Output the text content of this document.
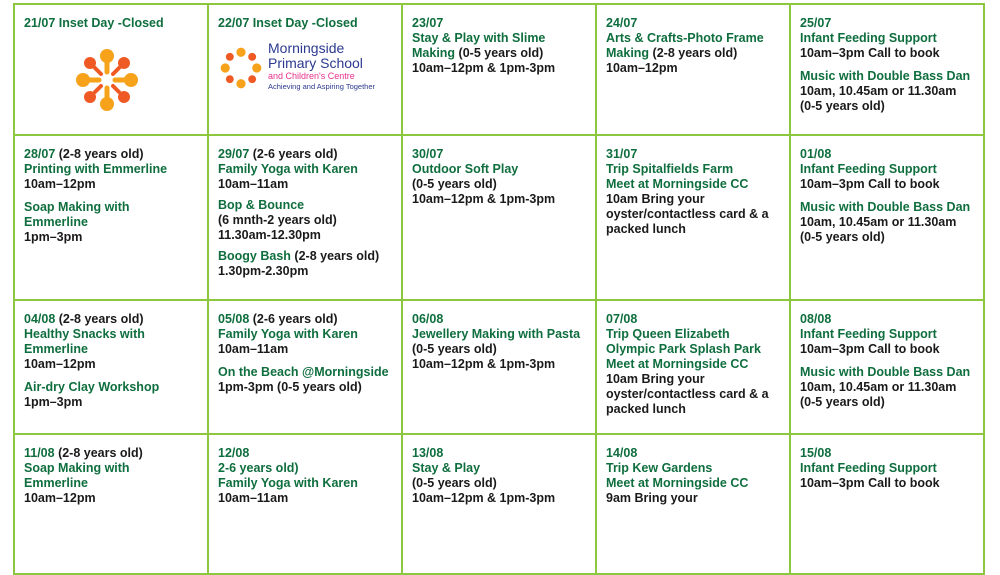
21/07 Inset Day -Closed	22/07 Inset Day -Closed
Morningside
Primary School
and Children's Centre
Achieving and Aspiring Together
23/07
Stay & Play with Slime
Making (0-5 years old)
10am–12pm & 1pm-3pm
24/07
Arts & Crafts-Photo Frame
Making (2-8 years old)
10am–12pm
25/07
Infant Feeding Support
10am–3pm Call to book
Music with Double Bass Dan
10am, 10.45am or 11.30am
(0-5 years old)
28/07 (2-8 years old)
Printing with Emmerline
10am–12pm
Soap Making with
Emmerline
1pm–3pm
29/07 (2-6 years old)
Family Yoga with Karen
10am–11am
Bop & Bounce
(6 mnth-2 years old)
11.30am-12.30pm
Boogy Bash (2-8 years old)
1.30pm-2.30pm
30/07
Outdoor Soft Play
(0-5 years old)
10am–12pm & 1pm-3pm
31/07
Trip Spitalfields Farm
Meet at Morningside CC
10am Bring your
oyster/contactless card & a
packed lunch
01/08
Infant Feeding Support
10am–3pm Call to book
Music with Double Bass Dan
10am, 10.45am or 11.30am
(0-5 years old)
04/08 (2-8 years old)
Healthy Snacks with
Emmerline
10am–12pm
Air-dry Clay Workshop
1pm–3pm
05/08 (2-6 years old)
Family Yoga with Karen
10am–11am
On the Beach @Morningside
1pm-3pm (0-5 years old)
06/08
Jewellery Making with Pasta
(0-5 years old)
10am–12pm & 1pm-3pm
07/08
Trip Queen Elizabeth
Olympic Park Splash Park
Meet at Morningside CC
10am Bring your
oyster/contactless card & a
packed lunch
08/08
Infant Feeding Support
10am–3pm Call to book
Music with Double Bass Dan
10am, 10.45am or 11.30am
(0-5 years old)
11/08 (2-8 years old)
Soap Making with
Emmerline
10am–12pm
12/08
2-6 years old)
Family Yoga with Karen
10am–11am
13/08
Stay & Play
(0-5 years old)
10am–12pm & 1pm-3pm
14/08
Trip Kew Gardens
Meet at Morningside CC
9am Bring your
15/08
Infant Feeding Support
10am–3pm Call to book
